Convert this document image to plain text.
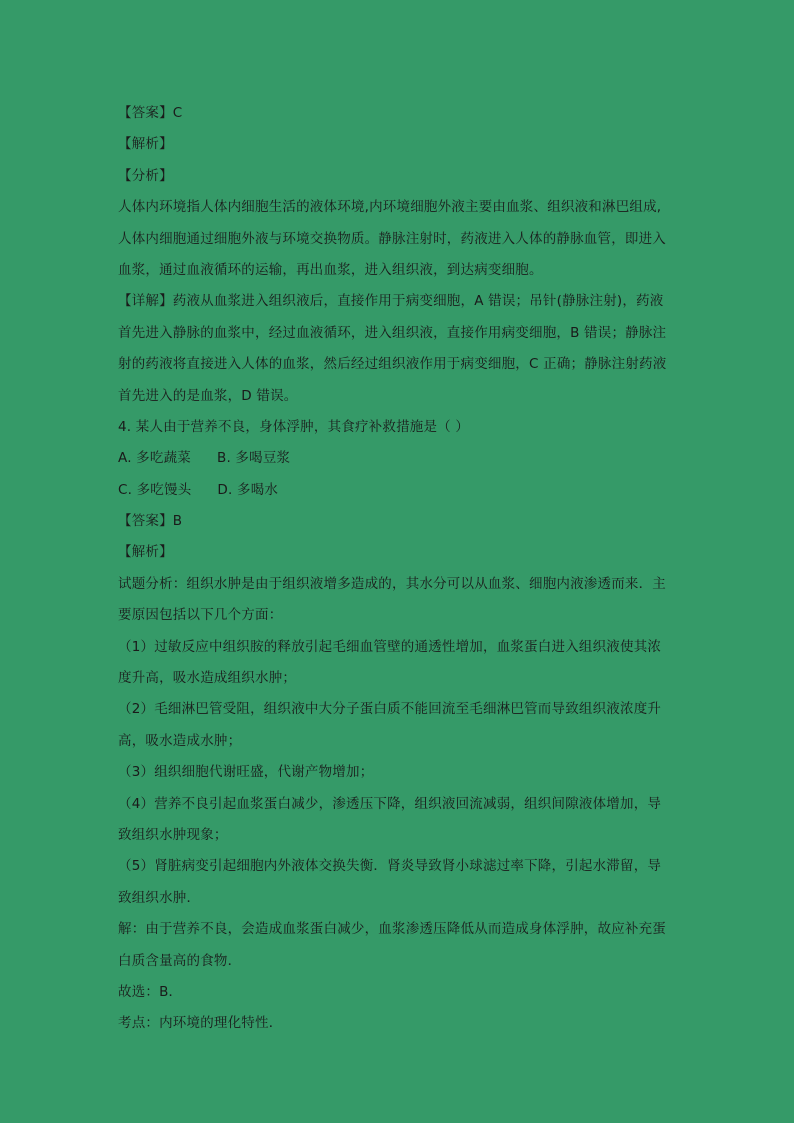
【答案】C
【解析】
【分析】
人体内环境指人体内细胞生活的液体环境,内环境细胞外液主要由血浆、组织液和淋巴组成,
人体内细胞通过细胞外液与环境交换物质。静脉注射时，药液进入人体的静脉血管，即进入
血浆，通过血液循环的运输，再出血浆，进入组织液，到达病变细胞。
【详解】药液从血浆进入组织液后，直接作用于病变细胞，A 错误；吊针(静脉注射)，药液
首先进入静脉的血浆中，经过血液循环，进入组织液，直接作用病变细胞，B 错误；静脉注
射的药液将直接进入人体的血浆，然后经过组织液作用于病变细胞，C 正确；静脉注射药液
首先进入的是血浆，D 错误。
4. 某人由于营养不良，身体浮肿，其食疗补救措施是（ ）
A. 多吃蔬菜 B. 多喝豆浆
C. 多吃馒头 D. 多喝水
【答案】B
【解析】
试题分析：组织水肿是由于组织液增多造成的，其水分可以从血浆、细胞内液渗透而来．主
要原因包括以下几个方面：
（1）过敏反应中组织胺的释放引起毛细血管壁的通透性增加，血浆蛋白进入组织液使其浓
度升高，吸水造成组织水肿；
（2）毛细淋巴管受阻，组织液中大分子蛋白质不能回流至毛细淋巴管而导致组织液浓度升
高，吸水造成水肿；
（3）组织细胞代谢旺盛，代谢产物增加；
（4）营养不良引起血浆蛋白减少，渗透压下降，组织液回流减弱，组织间隙液体增加，导
致组织水肿现象；
（5）肾脏病变引起细胞内外液体交换失衡．肾炎导致肾小球滤过率下降，引起水滞留，导
致组织水肿．
解：由于营养不良，会造成血浆蛋白减少，血浆渗透压降低从而造成身体浮肿，故应补充蛋
白质含量高的食物．
故选：B．
考点：内环境的理化特性．
